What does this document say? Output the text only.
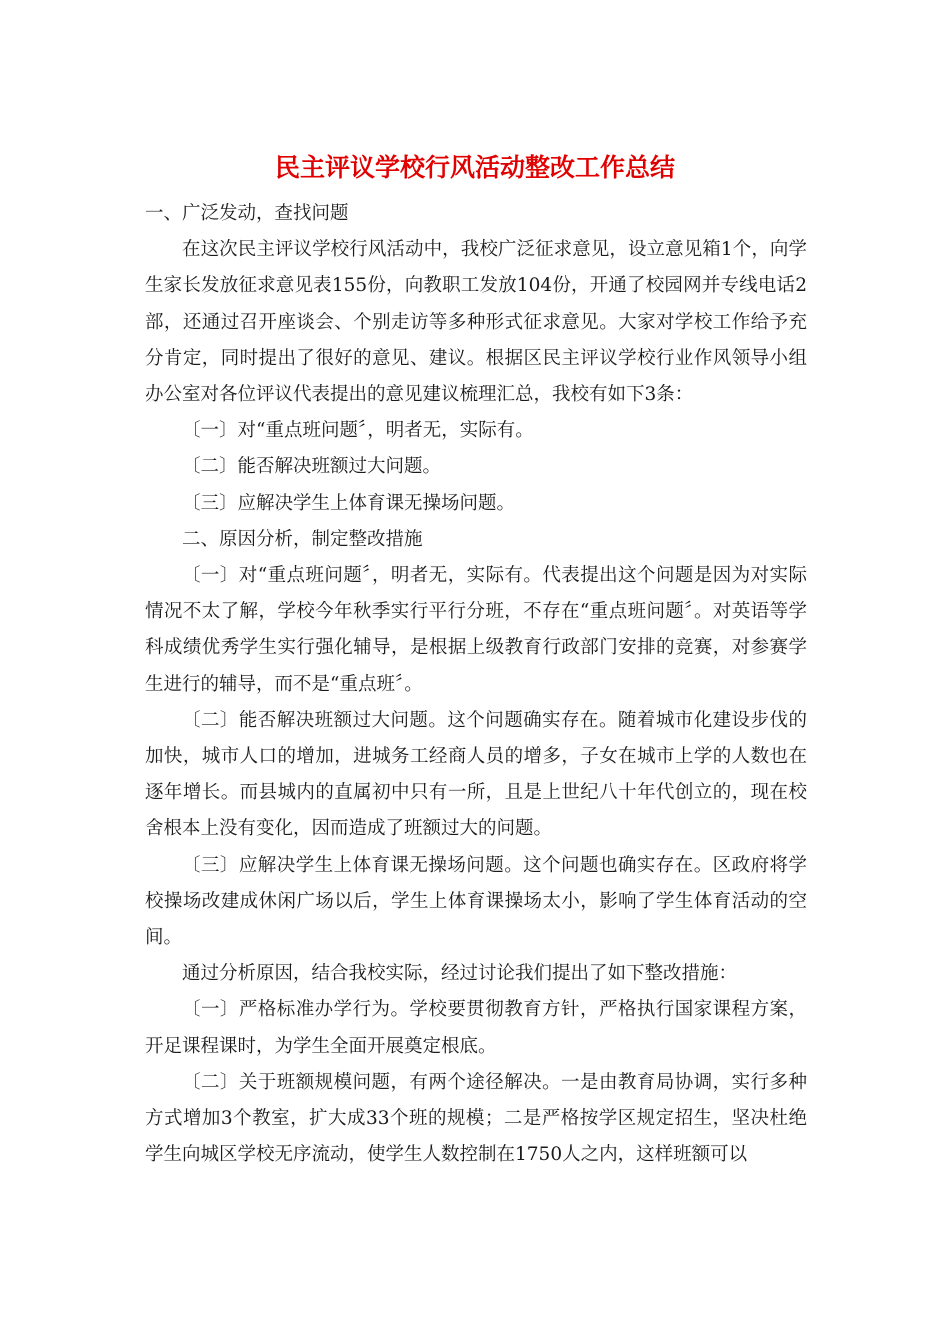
民主评议学校行风活动整改工作总结

一、广泛发动，查找问题

在这次民主评议学校行风活动中，我校广泛征求意见，设立意见箱1个，向学生家长发放征求意见表155份，向教职工发放104份，开通了校园网并专线电话2部，还通过召开座谈会、个别走访等多种形式征求意见。大家对学校工作给予充分肯定，同时提出了很好的意见、建议。根据区民主评议学校行业作风领导小组办公室对各位评议代表提出的意见建议梳理汇总，我校有如下3条：

〔一〕对“重点班问题〞，明者无，实际有。

〔二〕能否解决班额过大问题。

〔三〕应解决学生上体育课无操场问题。

二、原因分析，制定整改措施

〔一〕对“重点班问题〞，明者无，实际有。代表提出这个问题是因为对实际情况不太了解，学校今年秋季实行平行分班，不存在“重点班问题〞。对英语等学科成绩优秀学生实行强化辅导，是根据上级教育行政部门安排的竞赛，对参赛学生进行的辅导，而不是“重点班〞。

〔二〕能否解决班额过大问题。这个问题确实存在。随着城市化建设步伐的加快，城市人口的增加，进城务工经商人员的增多，子女在城市上学的人数也在逐年增长。而县城内的直属初中只有一所，且是上世纪八十年代创立的，现在校舍根本上没有变化，因而造成了班额过大的问题。

〔三〕应解决学生上体育课无操场问题。这个问题也确实存在。区政府将学校操场改建成休闲广场以后，学生上体育课操场太小，影响了学生体育活动的空间。

通过分析原因，结合我校实际，经过讨论我们提出了如下整改措施：

〔一〕严格标准办学行为。学校要贯彻教育方针，严格执行国家课程方案，开足课程课时，为学生全面开展奠定根底。

〔二〕关于班额规模问题，有两个途径解决。一是由教育局协调，实行多种方式增加3个教室，扩大成33个班的规模；二是严格按学区规定招生，坚决杜绝学生向城区学校无序流动，使学生人数控制在1750人之内，这样班额可以
